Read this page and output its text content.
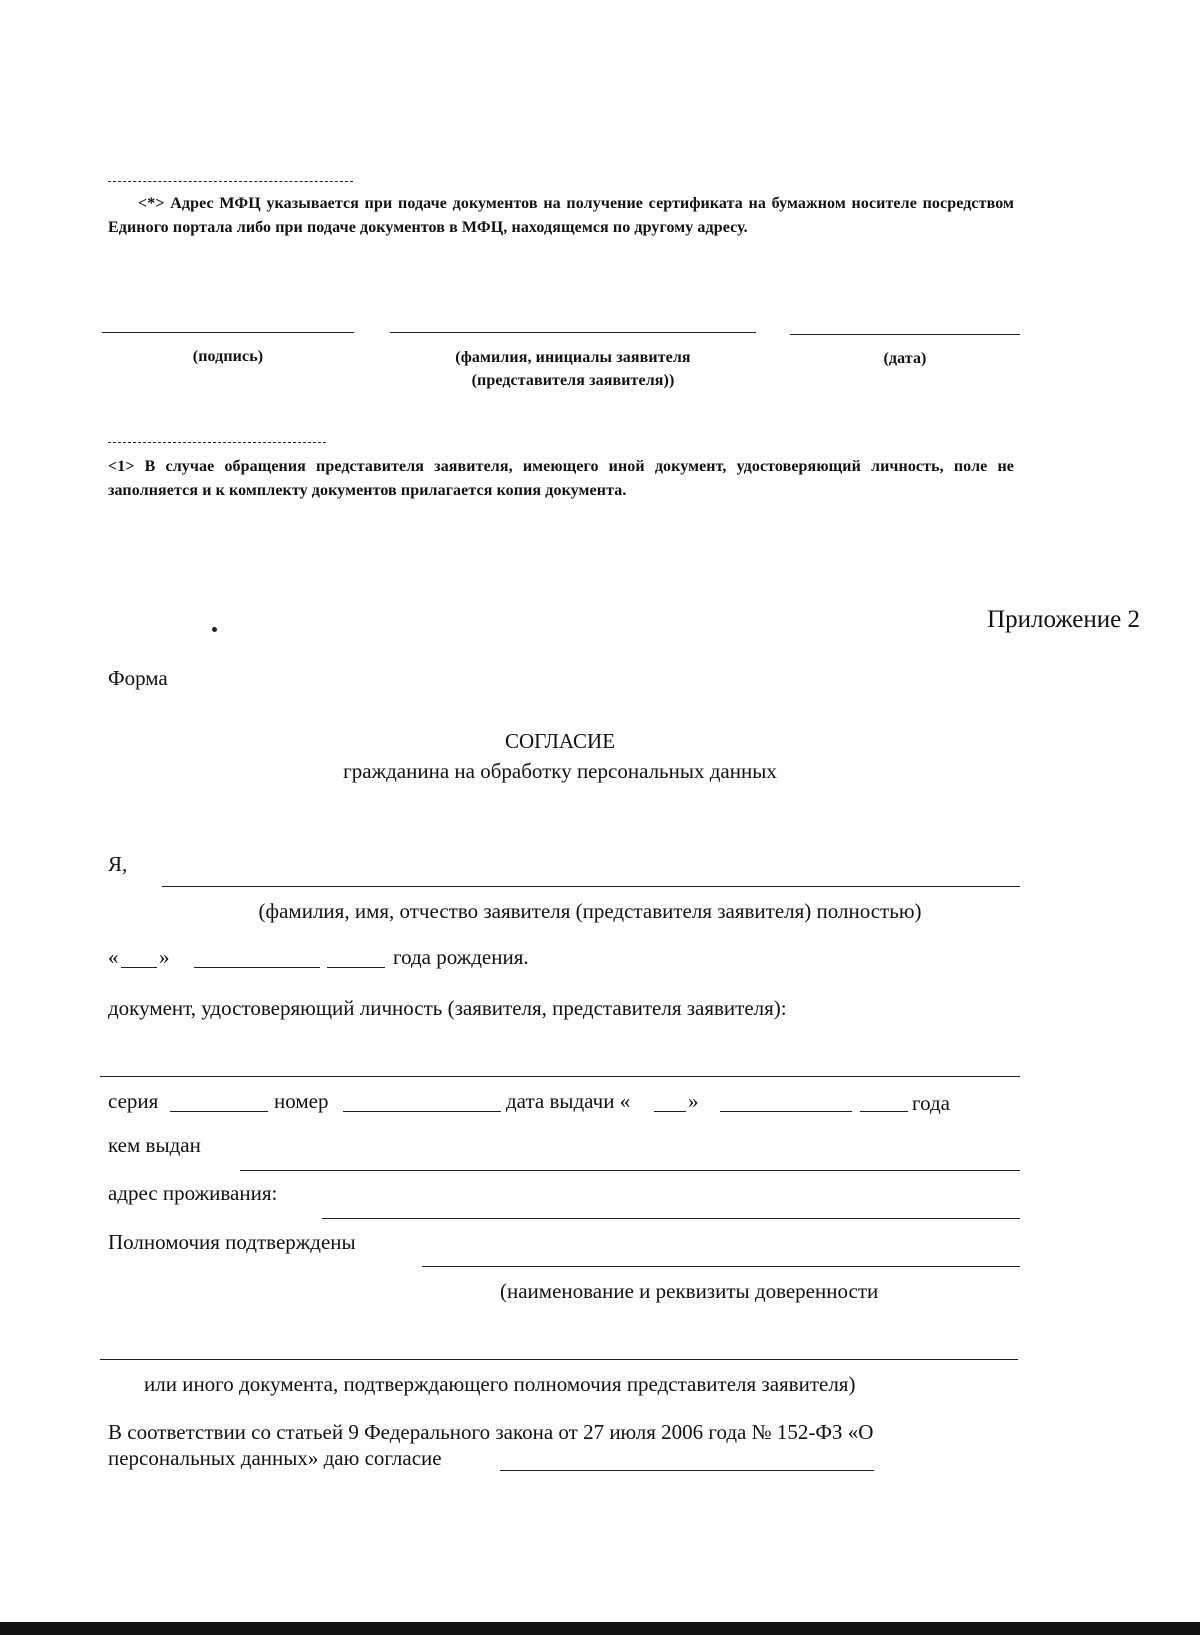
<*> Адрес МФЦ указывается при подаче документов на получение сертификата на бумажном носителе посредством Единого портала либо при подаче документов в МФЦ, находящемся по другому адресу.
(подпись)	(фамилия, инициалы заявителя
(представителя заявителя))
(дата)
<1> В случае обращения представителя заявителя, имеющего иной документ, удостоверяющий личность, поле не заполняется и к комплекту документов прилагается копия документа.
Приложение 2
Форма
СОГЛАСИЕ
гражданина на обработку персональных данных
Я,
(фамилия, имя, отчество заявителя (представителя заявителя) полностью)
« »	года рождения.
документ, удостоверяющий личность (заявителя, представителя заявителя):
серия	номер	дата выдачи «	»	года
кем выдан
адрес проживания:
Полномочия подтверждены
(наименование и реквизиты доверенности
или иного документа, подтверждающего полномочия представителя заявителя)
В соответствии со статьей 9 Федерального закона от 27 июля 2006 года № 152-ФЗ «О
персональных данных» даю согласие
